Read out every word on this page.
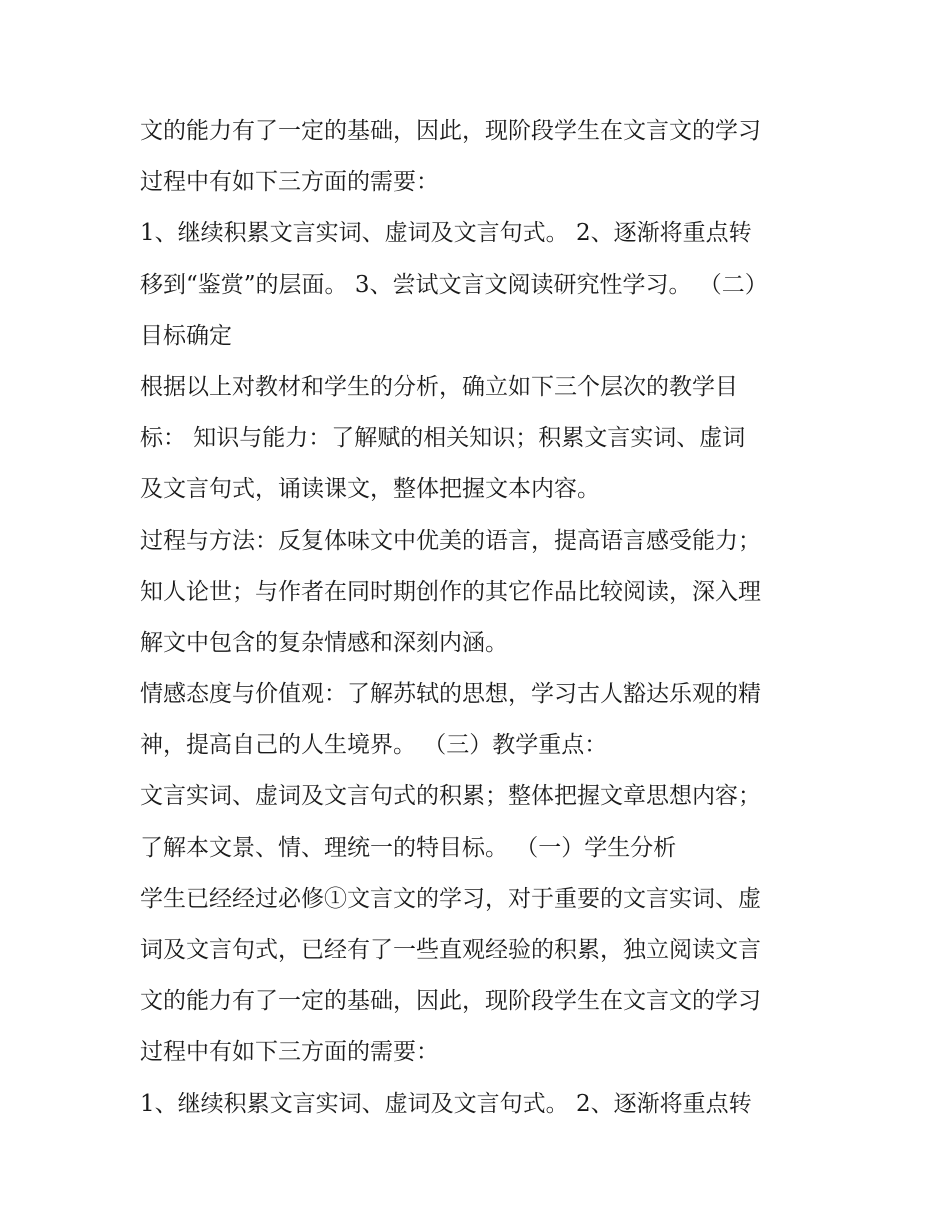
文的能力有了一定的基础，因此，现阶段学生在文言文的学习
过程中有如下三方面的需要：
1、继续积累文言实词、虚词及文言句式。 2、逐渐将重点转
移到“鉴赏”的层面。 3、尝试文言文阅读研究性学习。 （二）
目标确定
根据以上对教材和学生的分析，确立如下三个层次的教学目
标： 知识与能力：了解赋的相关知识；积累文言实词、虚词
及文言句式，诵读课文，整体把握文本内容。
过程与方法：反复体味文中优美的语言，提高语言感受能力；
知人论世；与作者在同时期创作的其它作品比较阅读，深入理
解文中包含的复杂情感和深刻内涵。
情感态度与价值观：了解苏轼的思想，学习古人豁达乐观的精
神，提高自己的人生境界。 （三）教学重点：
文言实词、虚词及文言句式的积累；整体把握文章思想内容；
了解本文景、情、理统一的特目标。 （一）学生分析
学生已经经过必修①文言文的学习，对于重要的文言实词、虚
词及文言句式，已经有了一些直观经验的积累，独立阅读文言
文的能力有了一定的基础，因此，现阶段学生在文言文的学习
过程中有如下三方面的需要：
1、继续积累文言实词、虚词及文言句式。 2、逐渐将重点转
